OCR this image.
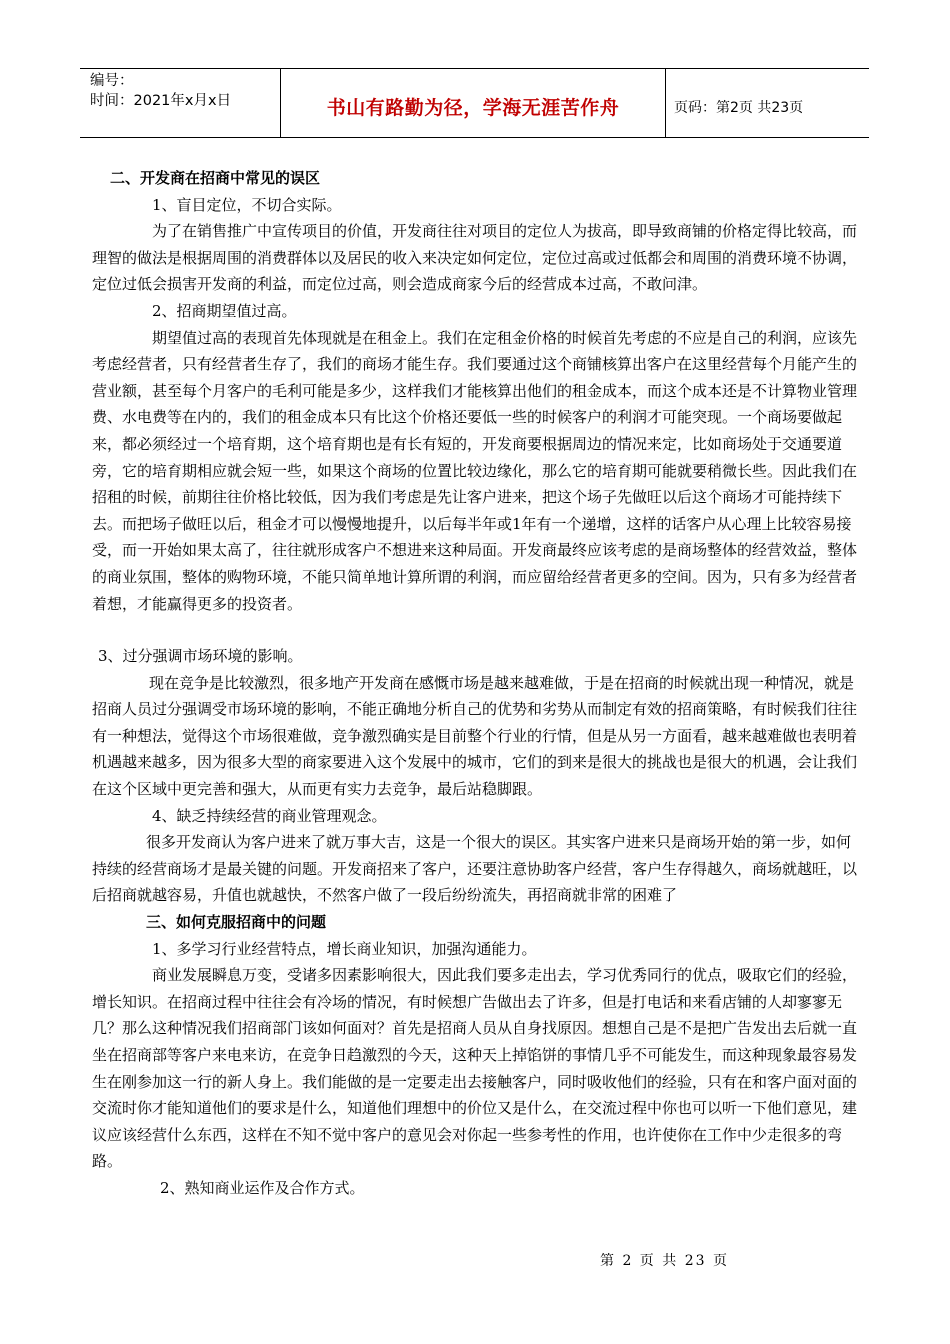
编号：
时间：2021年x月x日	书山有路勤为径，学海无涯苦作舟	页码：第2页 共23页

二、开发商在招商中常见的误区

1、盲目定位，不切合实际。

为了在销售推广中宣传项目的价值，开发商往往对项目的定位人为拔高，即导致商铺的价格定得比较高，而理智的做法是根据周围的消费群体以及居民的收入来决定如何定位，定位过高或过低都会和周围的消费环境不协调，定位过低会损害开发商的利益，而定位过高，则会造成商家今后的经营成本过高，不敢问津。

2、招商期望值过高。

期望值过高的表现首先体现就是在租金上。我们在定租金价格的时候首先考虑的不应是自己的利润，应该先考虑经营者，只有经营者生存了，我们的商场才能生存。我们要通过这个商铺核算出客户在这里经营每个月能产生的营业额，甚至每个月客户的毛利可能是多少，这样我们才能核算出他们的租金成本，而这个成本还是不计算物业管理费、水电费等在内的，我们的租金成本只有比这个价格还要低一些的时候客户的利润才可能突现。一个商场要做起来，都必须经过一个培育期，这个培育期也是有长有短的，开发商要根据周边的情况来定，比如商场处于交通要道旁，它的培育期相应就会短一些，如果这个商场的位置比较边缘化，那么它的培育期可能就要稍微长些。因此我们在招租的时候，前期往往价格比较低，因为我们考虑是先让客户进来，把这个场子先做旺以后这个商场才可能持续下去。而把场子做旺以后，租金才可以慢慢地提升，以后每半年或1年有一个递增，这样的话客户从心理上比较容易接受，而一开始如果太高了，往往就形成客户不想进来这种局面。开发商最终应该考虑的是商场整体的经营效益，整体的商业氛围，整体的购物环境，不能只简单地计算所谓的利润，而应留给经营者更多的空间。因为，只有多为经营者着想，才能赢得更多的投资者。

3、过分强调市场环境的影响。

现在竞争是比较激烈，很多地产开发商在感慨市场是越来越难做，于是在招商的时候就出现一种情况，就是招商人员过分强调受市场环境的影响，不能正确地分析自己的优势和劣势从而制定有效的招商策略，有时候我们往往有一种想法，觉得这个市场很难做，竞争激烈确实是目前整个行业的行情，但是从另一方面看，越来越难做也表明着机遇越来越多，因为很多大型的商家要进入这个发展中的城市，它们的到来是很大的挑战也是很大的机遇，会让我们在这个区域中更完善和强大，从而更有实力去竞争，最后站稳脚跟。

4、缺乏持续经营的商业管理观念。

很多开发商认为客户进来了就万事大吉，这是一个很大的误区。其实客户进来只是商场开始的第一步，如何持续的经营商场才是最关键的问题。开发商招来了客户，还要注意协助客户经营，客户生存得越久，商场就越旺，以后招商就越容易，升值也就越快，不然客户做了一段后纷纷流失，再招商就非常的困难了

三、如何克服招商中的问题

1、多学习行业经营特点，增长商业知识，加强沟通能力。

商业发展瞬息万变，受诸多因素影响很大，因此我们要多走出去，学习优秀同行的优点，吸取它们的经验，增长知识。在招商过程中往往会有冷场的情况，有时候想广告做出去了许多，但是打电话和来看店铺的人却寥寥无几？那么这种情况我们招商部门该如何面对？首先是招商人员从自身找原因。想想自己是不是把广告发出去后就一直坐在招商部等客户来电来访，在竞争日趋激烈的今天，这种天上掉馅饼的事情几乎不可能发生，而这种现象最容易发生在刚参加这一行的新人身上。我们能做的是一定要走出去接触客户，同时吸收他们的经验，只有在和客户面对面的交流时你才能知道他们的要求是什么，知道他们理想中的价位又是什么，在交流过程中你也可以听一下他们意见，建议应该经营什么东西，这样在不知不觉中客户的意见会对你起一些参考性的作用，也许使你在工作中少走很多的弯路。

2、熟知商业运作及合作方式。

第 2 页 共 23 页
